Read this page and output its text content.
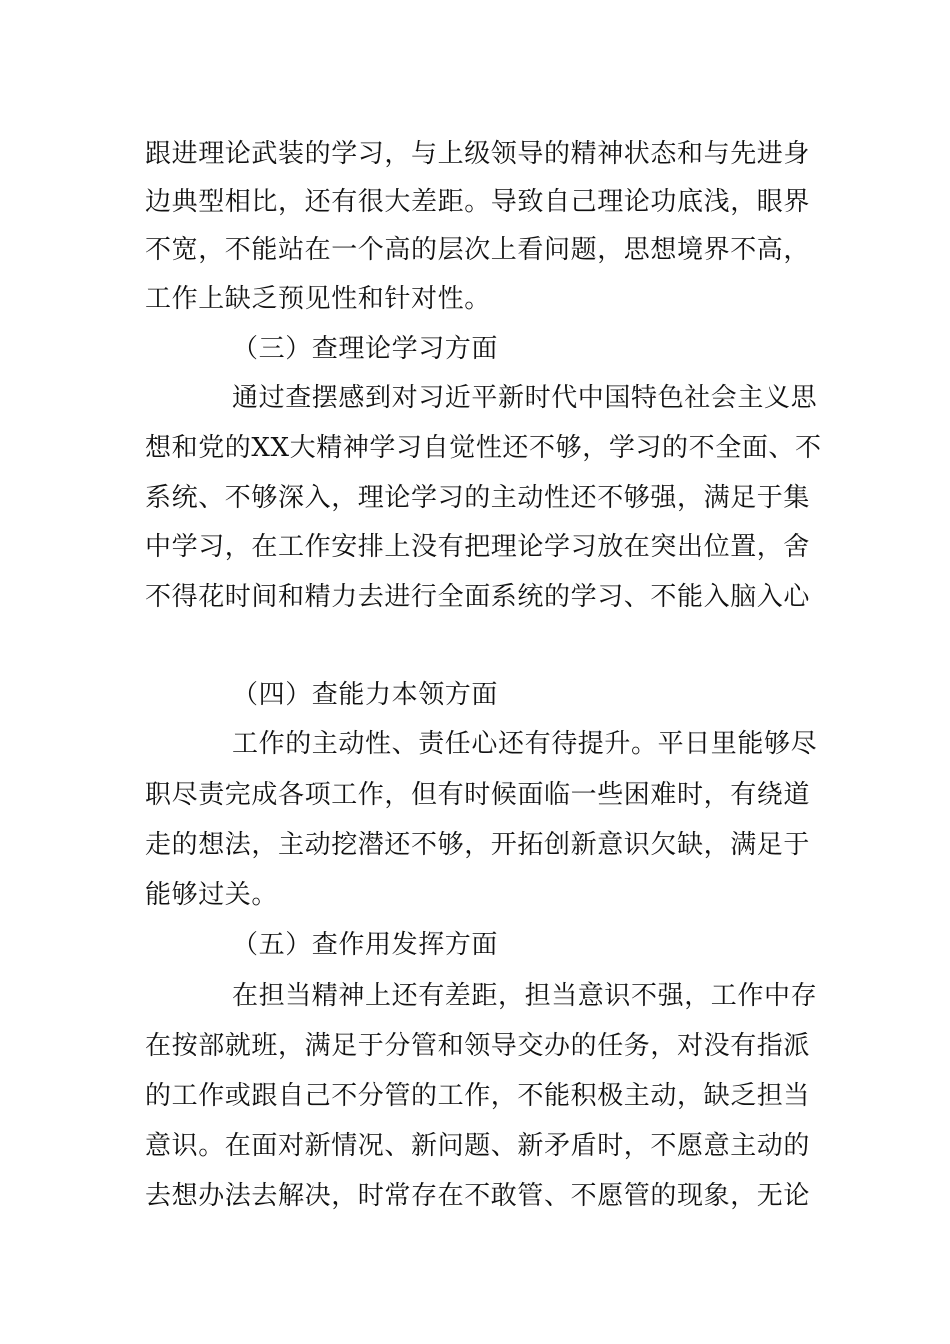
跟进理论武装的学习，与上级领导的精神状态和与先进身
边典型相比，还有很大差距。导致自己理论功底浅，眼界
不宽，不能站在一个高的层次上看问题，思想境界不高，
工作上缺乏预见性和针对性。
（三）查理论学习方面
通过查摆感到对习近平新时代中国特色社会主义思
想和党的XX大精神学习自觉性还不够，学习的不全面、不
系统、不够深入，理论学习的主动性还不够强，满足于集
中学习，在工作安排上没有把理论学习放在突出位置，舍
不得花时间和精力去进行全面系统的学习、不能入脑入心
（四）查能力本领方面
工作的主动性、责任心还有待提升。平日里能够尽
职尽责完成各项工作，但有时候面临一些困难时，有绕道
走的想法，主动挖潜还不够，开拓创新意识欠缺，满足于
能够过关。
（五）查作用发挥方面
在担当精神上还有差距，担当意识不强，工作中存
在按部就班，满足于分管和领导交办的任务，对没有指派
的工作或跟自己不分管的工作，不能积极主动，缺乏担当
意识。在面对新情况、新问题、新矛盾时，不愿意主动的
去想办法去解决，时常存在不敢管、不愿管的现象，无论
